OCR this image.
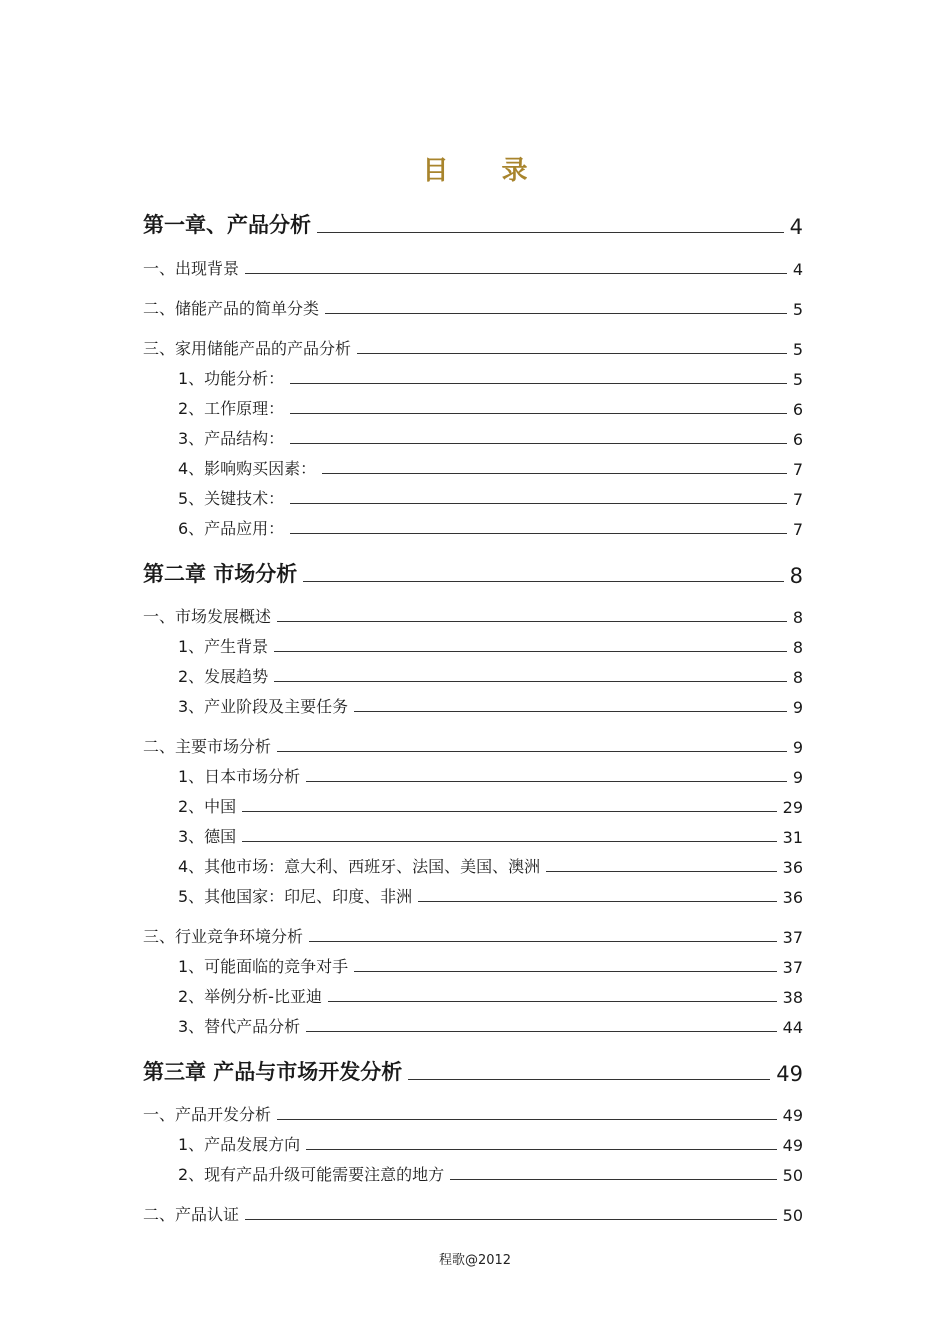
目 录
第一章、产品分析	4
一、出现背景	4
二、储能产品的简单分类	5
三、家用储能产品的产品分析	5
1、功能分析：	5
2、工作原理：	6
3、产品结构：	6
4、影响购买因素：	7
5、关键技术：	7
6、产品应用：	7
第二章 市场分析	8
一、市场发展概述	8
1、产生背景	8
2、发展趋势	8
3、产业阶段及主要任务	9
二、主要市场分析	9
1、日本市场分析	9
2、中国	29
3、德国	31
4、其他市场：意大利、西班牙、法国、美国、澳洲	36
5、其他国家：印尼、印度、非洲	36
三、行业竞争环境分析	37
1、可能面临的竞争对手	37
2、举例分析-比亚迪	38
3、替代产品分析	44
第三章 产品与市场开发分析	49
一、产品开发分析	49
1、产品发展方向	49
2、现有产品升级可能需要注意的地方	50
二、产品认证	50
程歌@2012
